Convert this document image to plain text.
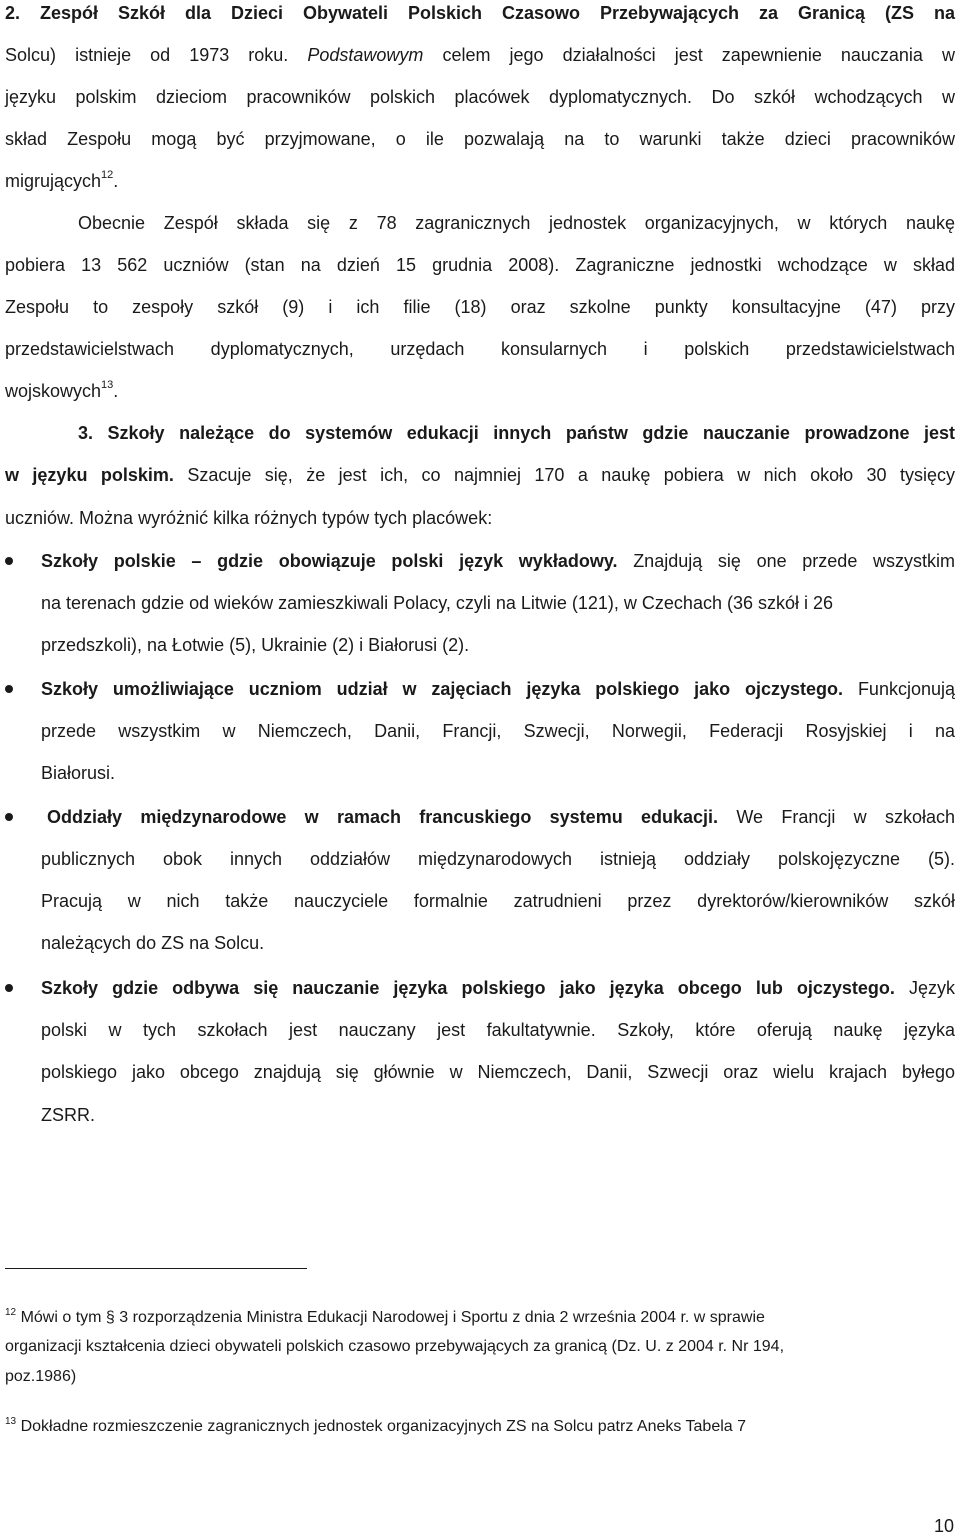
2. Zespół Szkół dla Dzieci Obywateli Polskich Czasowo Przebywających za Granicą (ZS na
Solcu) istnieje od 1973 roku. Podstawowym celem jego działalności jest zapewnienie nauczania w
języku polskim dzieciom pracowników polskich placówek dyplomatycznych. Do szkół wchodzących w
skład Zespołu mogą być przyjmowane, o ile pozwalają na to warunki także dzieci pracowników
migrujących$^{12}$.
Obecnie Zespół składa się z 78 zagranicznych jednostek organizacyjnych, w których naukę
pobiera 13 562 uczniów (stan na dzień 15 grudnia 2008). Zagraniczne jednostki wchodzące w skład
Zespołu to zespoły szkół (9) i ich filie (18) oraz szkolne punkty konsultacyjne (47) przy
przedstawicielstwach dyplomatycznych, urzędach konsularnych i polskich przedstawicielstwach
wojskowych$^{13}$.
3. Szkoły należące do systemów edukacji innych państw gdzie nauczanie prowadzone jest
w języku polskim. Szacuje się, że jest ich, co najmniej 170 a naukę pobiera w nich około 30 tysięcy
uczniów. Można wyróżnić kilka różnych typów tych placówek:
Szkoły polskie – gdzie obowiązuje polski język wykładowy. Znajdują się one przede wszystkim
na terenach gdzie od wieków zamieszkiwali Polacy, czyli na Litwie (121), w Czechach (36 szkół i 26
przedszkoli), na Łotwie (5), Ukrainie (2) i Białorusi (2).
Szkoły umożliwiające uczniom udział w zajęciach języka polskiego jako ojczystego. Funkcjonują
przede wszystkim w Niemczech, Danii, Francji, Szwecji, Norwegii, Federacji Rosyjskiej i na
Białorusi.
Oddziały międzynarodowe w ramach francuskiego systemu edukacji. We Francji w szkołach
publicznych obok innych oddziałów międzynarodowych istnieją oddziały polskojęzyczne (5).
Pracują w nich także nauczyciele formalnie zatrudnieni przez dyrektorów/kierowników szkół
należących do ZS na Solcu.
Szkoły gdzie odbywa się nauczanie języka polskiego jako języka obcego lub ojczystego. Język
polski w tych szkołach jest nauczany jest fakultatywnie. Szkoły, które oferują naukę języka
polskiego jako obcego znajdują się głównie w Niemczech, Danii, Szwecji oraz wielu krajach byłego
ZSRR.
$^{12}$ Mówi o tym § 3 rozporządzenia Ministra Edukacji Narodowej i Sportu z dnia 2 września 2004 r. w sprawie
organizacji kształcenia dzieci obywateli polskich czasowo przebywających za granicą (Dz. U. z 2004 r. Nr 194,
poz.1986)
$^{13}$ Dokładne rozmieszczenie zagranicznych jednostek organizacyjnych ZS na Solcu patrz Aneks Tabela 7
10
